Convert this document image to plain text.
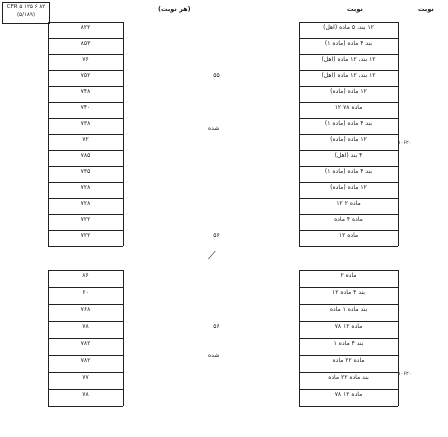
CFR ۵ ۱۲۵ ۶ ۸۲
(۵/۱۸۹)
(هر نوبت)	نوبت	نوبت
۸۲۲	(اهل) ۱۲ بند، ۵ ماده
۸۵۳	(ماده ۱) بند ۴ ماده
۷۶	(اهل) ۱۲ بند، ۱۲ ماده
۷۵۲	۵۵	(اهل) ۱۲ بند، ۱۲ ماده
۷۴۸	(ماده) ۱۲ ماده
۷۴۰	ماده ۷۸ ۱۲
۷۳۸	(ماده ۱) بند ۴ ماده
۷۲	(ماده) ۱۲ ماده
۷۸۵	(اهل) ۴ بند
۷۳۵	(ماده ۱) بند ۴ ماده
۷۲۸	(ماده) ۱۲ ماده
۷۲۸	ماده ۲ ۱۲
۷۲۲	ماده ۴ ماده
۷۲۲	۵۶	ماده ۱۲
شده
۱۰۶۲۰
⟋
۸۶	ماده ۲
۶۰	بند ۴ ماده ۱۲
۷۶۸	بند ماده ۱ ماده
۷۸	۵۶	۷۸ ماده ۱۲
۷۸۲	بند ۴ ماده ۱
۷۸۲	ماده ۲۲ ماده
۷۷	بند ماده ۲۲ ماده
۷۸	۷۸ ماده ۱۲
شده
۱۰۶۲۰
